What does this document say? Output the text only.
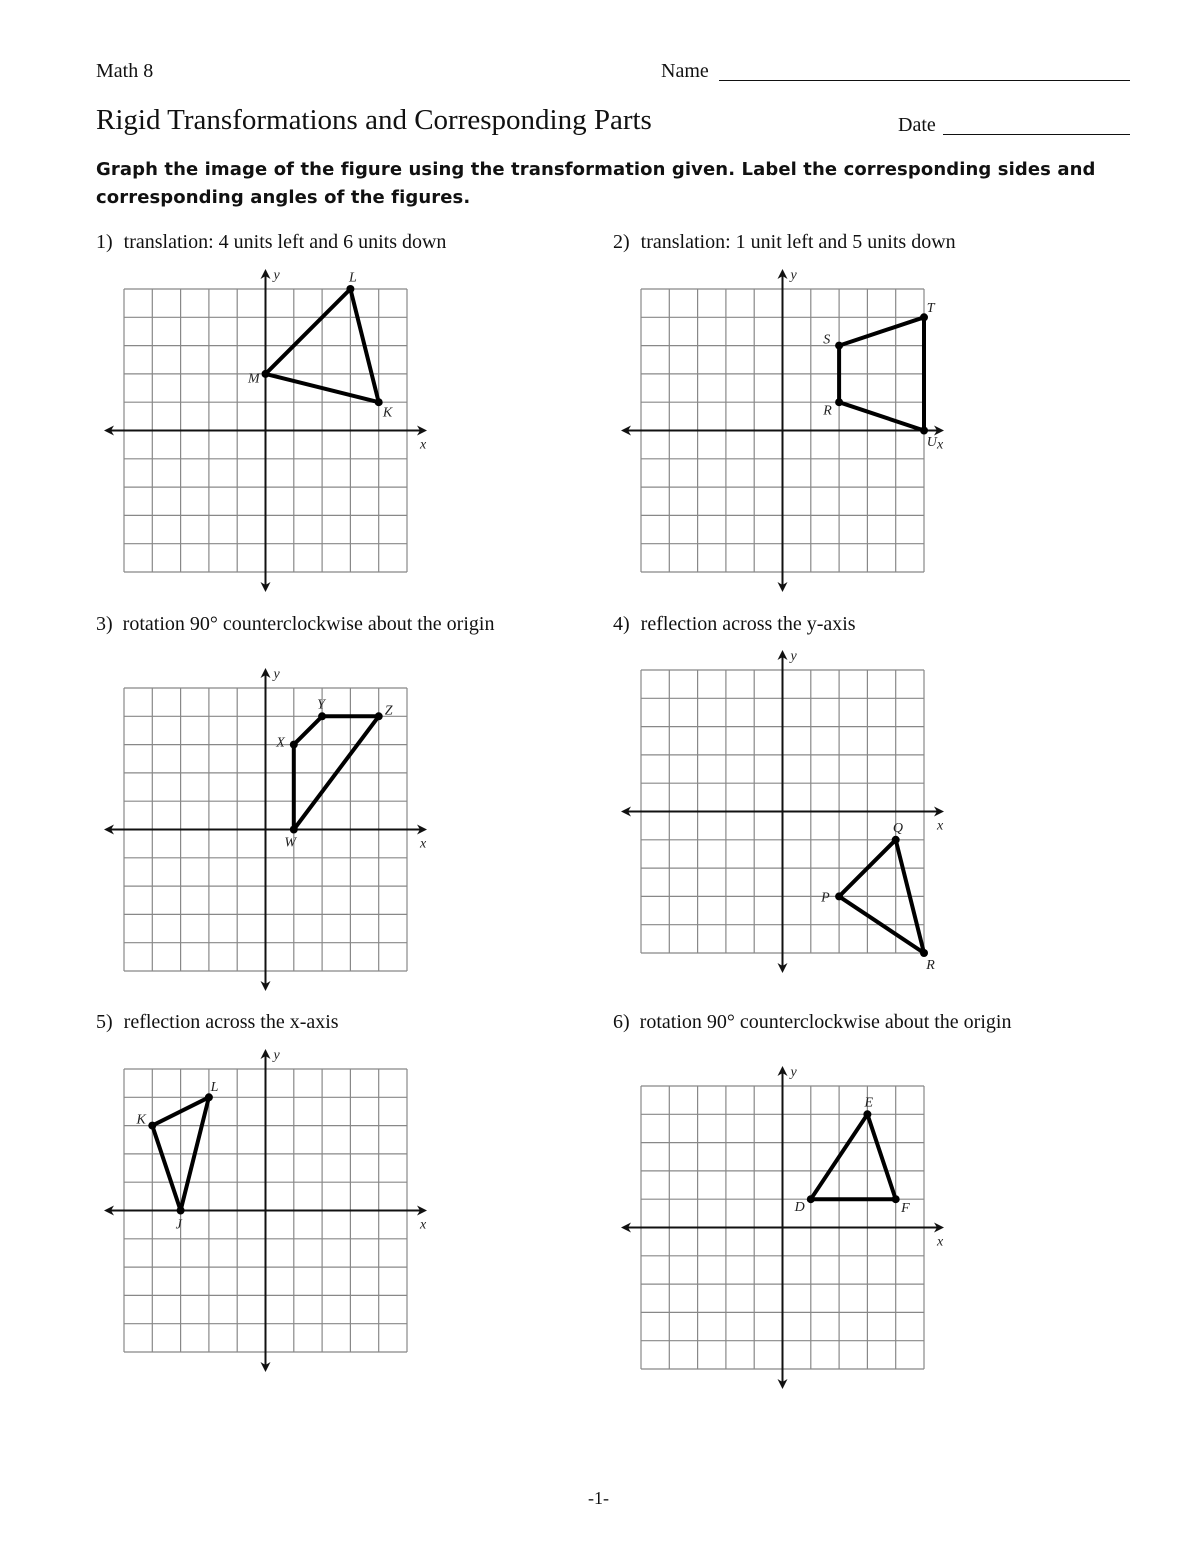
Math 8	Name
Rigid Transformations and Corresponding Parts	Date
Graph the image of the figure using the transformation given. Label the corresponding sides and corresponding angles of the figures.
1) translation: 4 units left and 6 units down	2) translation: 1 unit left and 5 units down
3) rotation 90° counterclockwise about the origin	4) reflection across the y-axis
5) reflection across the x-axis	6) rotation 90° counterclockwise about the origin
x
y	L
M
K
x
y
S
T
U
R
x
y
X
Y	Z
W
x
y
Q
R
P
x
y
K
L
J
x
y
D
E
F
-1-
